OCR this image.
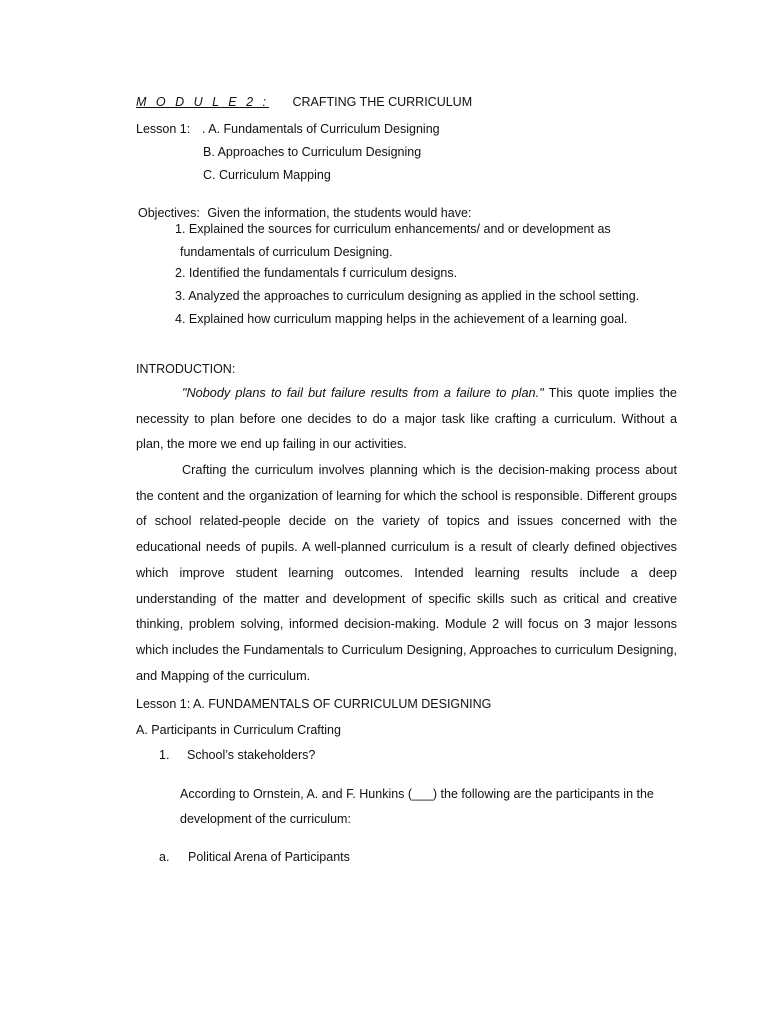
M O D U L E 2 : CRAFTING THE CURRICULUM
Lesson 1: . A. Fundamentals of Curriculum Designing
B. Approaches to Curriculum Designing
C. Curriculum Mapping
Objectives: Given the information, the students would have:
1. Explained the sources for curriculum enhancements/ and or development as
fundamentals of curriculum Designing.
2. Identified the fundamentals f curriculum designs.
3. Analyzed the approaches to curriculum designing as applied in the school setting.
4. Explained how curriculum mapping helps in the achievement of a learning goal.
INTRODUCTION:
"Nobody plans to fail but failure results from a failure to plan." This quote implies the necessity to plan before one decides to do a major task like crafting a curriculum. Without a plan, the more we end up failing in our activities.
Crafting the curriculum involves planning which is the decision-making process about the content and the organization of learning for which the school is responsible. Different groups of school related-people decide on the variety of topics and issues concerned with the educational needs of pupils. A well-planned curriculum is a result of clearly defined objectives which improve student learning outcomes. Intended learning results include a deep understanding of the matter and development of specific skills such as critical and creative thinking, problem solving, informed decision-making. Module 2 will focus on 3 major lessons which includes the Fundamentals to Curriculum Designing, Approaches to curriculum Designing, and Mapping of the curriculum.
Lesson 1: A. FUNDAMENTALS OF CURRICULUM DESIGNING
A. Participants in Curriculum Crafting
1. School’s stakeholders?
According to Ornstein, A. and F. Hunkins (___) the following are the participants in the development of the curriculum:
a. Political Arena of Participants
